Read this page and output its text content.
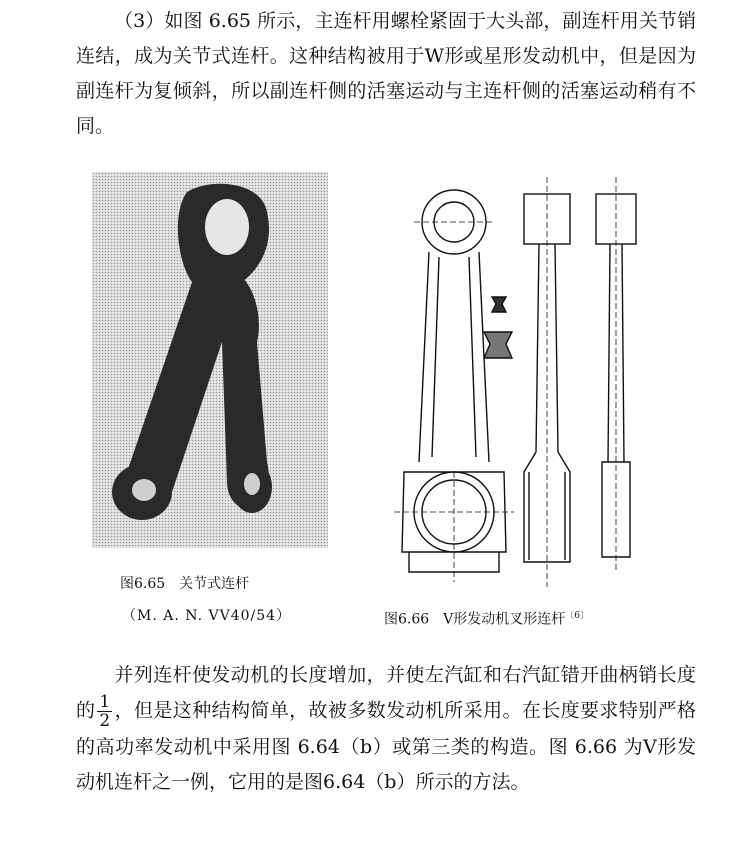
（3）如图 6.65 所示，主连杆用螺栓紧固于大头部，副连杆用关节销连结，成为关节式连杆。这种结构被用于W形或星形发动机中，但是因为副连杆为复倾斜，所以副连杆侧的活塞运动与主连杆侧的活塞运动稍有不同。
图6.65　关节式连杆
（M. A. N. VV40/54）	图6.66　V形发动机叉形连杆$^{〔6〕}$
并列连杆使发动机的长度增加，并使左汽缸和右汽缸错开曲柄销长度的 $\frac{1}{2}$ ，但是这种结构简单，故被多数发动机所采用。在长度要求特别严格的高功率发动机中采用图 6.64（b）或第三类的构造。图 6.66 为V形发动机连杆之一例，它用的是图6.64（b）所示的方法。
